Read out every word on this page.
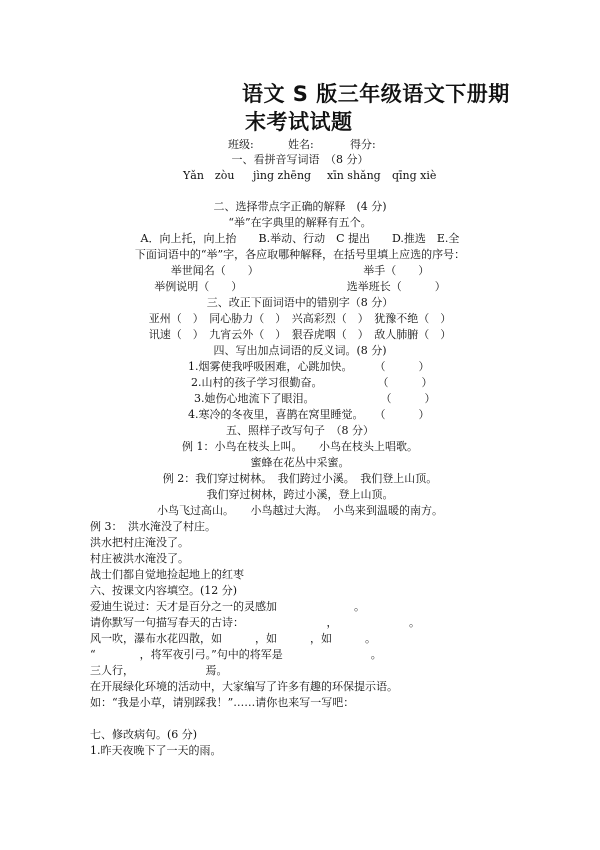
语文 S 版三年级语文下册期
末考试试题
班级:	姓名:	得分:
一、看拼音写词语　（8 分）
Yǎn　zòu jìng zhēng xīn shǎng qīng xiè
二、选择带点字正确的解释　(4 分)
“举”在字典里的解释有五个。
A．向上托，向上抬　　B.举动、行动　C 提出　　D.推选　E.全
下面词语中的“举”字，各应取哪种解释，在括号里填上应选的序号：
举世闻名（　　）　　　　　　　　　　举手（　　）
举例说明（　　）　　　　　　　　　　选举班长（　　　）
三、改正下面词语中的错别字（8 分）
亚州（　）　同心胁力（　）　兴高彩烈（　）　犹豫不绝（　）
讯速（　）　九宵云外（　）　狠吞虎咽（　）　敌人肺腑（　）
四、写出加点词语的反义词。(8 分)
1.烟雾使我呼吸困难，心跳加快。　　　（　　　）
2.山村的孩子学习很勤奋。　　　　　　（　　　）
3.她伤心地流下了眼泪。　　　　　　　（　　　）
4.寒冷的冬夜里，喜鹊在窝里睡觉。　　（　　　）
五、照样子改写句子　（8 分）
例 1：小鸟在枝头上叫。　　小鸟在枝头上唱歌。
蜜蜂在花丛中采蜜。
例 2：我们穿过树林。　我们跨过小溪。　我们登上山顶。
我们穿过树林，跨过小溪，登上山顶。
小鸟飞过高山。　　小鸟越过大海。　小鸟来到温暖的南方。
例 3：　洪水淹没了村庄。
洪水把村庄淹没了。
村庄被洪水淹没了。
战士们都自觉地捡起地上的红枣
六、按课文内容填空。(12 分)
爱迪生说过：天才是百分之一的灵感加　　　　　　　。
请你默写一句描写春天的古诗：　　　　　　　　，　　　　　　　。
风一吹，瀑布水花四散，如　　　，如　　　，如　　　。
“　　　　，将军夜引弓。”句中的将军是　　　　　　　　。
三人行，　　　　　　　焉。
在开展绿化环境的活动中，大家编写了许多有趣的环保提示语。
如：“我是小草，请别踩我！”……请你也来写一写吧：
七、修改病句。(6 分)
1.昨天夜晚下了一天的雨。
